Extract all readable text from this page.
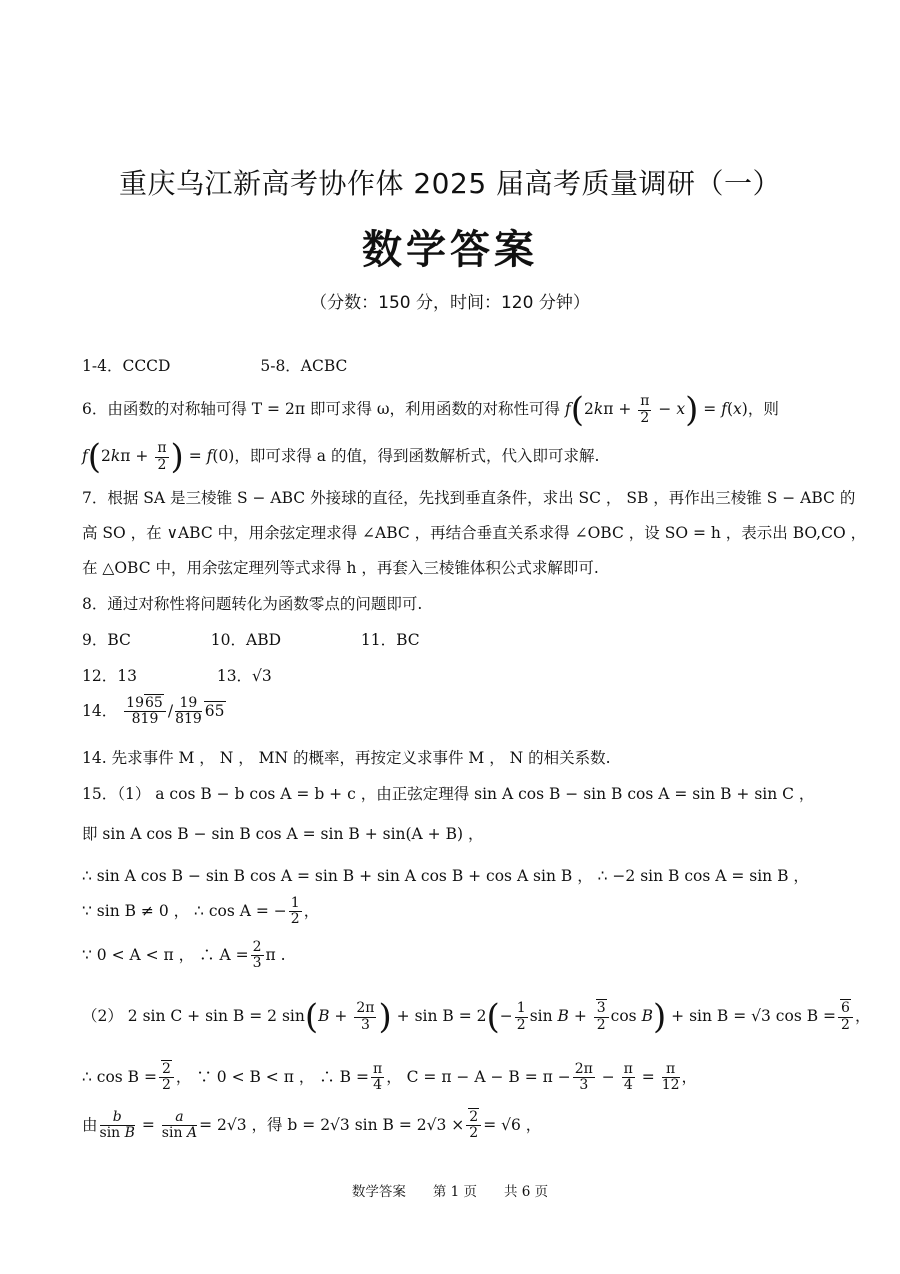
重庆乌江新高考协作体 2025 届高考质量调研（一）
数学答案
（分数：150 分，时间：120 分钟）
1-4．CCCD	5-8．ACBC
6．由函数的对称轴可得 T = 2π 即可求得 ω，利用函数的对称性可得 $f(2k\pi + \frac{\pi}{2} - x) = f(x)$，则
$f(2k\pi + \frac{\pi}{2}$ ) = f(0)，即可求得 a 的值，得到函数解析式，代入即可求解.
7．根据 SA 是三棱锥 S − ABC 外接球的直径，先找到垂直条件，求出 SC ， SB ，再作出三棱锥 S − ABC 的
高 SO ，在 ∨ABC 中，用余弦定理求得 ∠ABC ，再结合垂直关系求得 ∠OBC ，设 SO = h ，表示出 BO,CO ，
在 △OBC 中，用余弦定理列等式求得 h ，再套入三棱锥体积公式求解即可.
8．通过对称性将问题转化为函数零点的问题即可.
9．BC	10．ABD	11．BC
12．13	13．√3
14． $\frac{1965}{819} / \frac{19}{819} 65$
14. 先求事件 M ， N ， MN 的概率，再按定义求事件 M ， N 的相关系数.
15．（1） a cos B − b cos A = b + c ，由正弦定理得 sin A cos B − sin B cos A = sin B + sin C ，
即 sin A cos B − sin B cos A = sin B + sin(A + B) ，
∴ sin A cos B − sin B cos A = sin B + sin A cos B + cos A sin B ， ∴ −2 sin B cos A = sin B ，
∵ sin B ≠ 0 ， ∴ cos A = − $\frac{1}{2}$ ，
∵ 0 < A < π ， ∴ $A = \frac{2}{3}$ π .
（2） 2 sin C + sin B = 2 $\sin(B + \frac{2\pi}{3}$ ) + $\sin B = 2(- \frac{1}{2}$ $\sin B + \frac{3}{2}$ cos B) + sin B = √3 $\cos B = \frac{6}{2}$ ，
∴ $\cos B = \frac{2}{2}$ ， ∵ 0 < B < π ， ∴ $B = \frac{\pi}{4}$ ， $C = \pi - A - B = \pi - \frac{2\pi}{3} - \frac{\pi}{4} = \frac{\pi}{12}$ ，
由 $\frac{b}{\text{sin B}} = \frac{a}{\text{sin A}} = 2√3$ ，得 b = 2√3 $\sin B = 2√3 \times \frac{2}{2} = √6$ ，
数学答案　　第 1 页　　共 6 页
